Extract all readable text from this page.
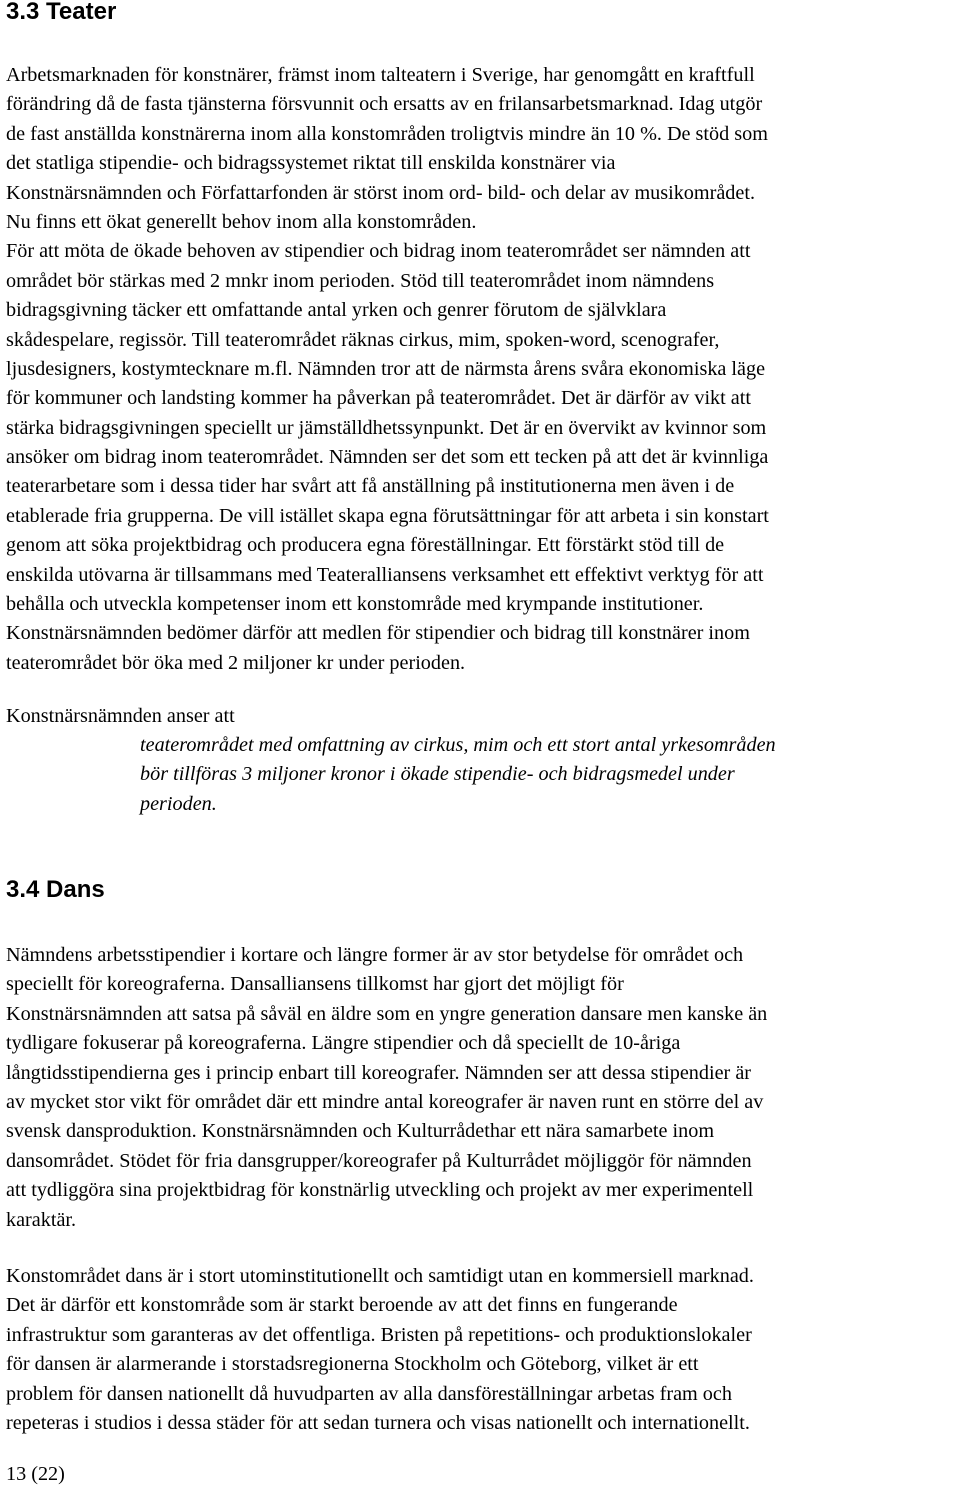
3.3 Teater
Arbetsmarknaden för konstnärer, främst inom talteatern i Sverige, har genomgått en kraftfull
förändring då de fasta tjänsterna försvunnit och ersatts av en frilansarbetsmarknad. Idag utgör
de fast anställda konstnärerna inom alla konstområden troligtvis mindre än 10 %. De stöd som
det statliga stipendie- och bidragssystemet riktat till enskilda konstnärer via
Konstnärsnämnden och Författarfonden är störst inom ord- bild- och delar av musikområdet.
Nu finns ett ökat generellt behov inom alla konstområden.
För att möta de ökade behoven av stipendier och bidrag inom teaterområdet ser nämnden att
området bör stärkas med 2 mnkr inom perioden. Stöd till teaterområdet inom nämndens
bidragsgivning täcker ett omfattande antal yrken och genrer förutom de självklara
skådespelare, regissör. Till teaterområdet räknas cirkus, mim, spoken-word, scenografer,
ljusdesigners, kostymtecknare m.fl. Nämnden tror att de närmsta årens svåra ekonomiska läge
för kommuner och landsting kommer ha påverkan på teaterområdet. Det är därför av vikt att
stärka bidragsgivningen speciellt ur jämställdhetssynpunkt. Det är en övervikt av kvinnor som
ansöker om bidrag inom teaterområdet. Nämnden ser det som ett tecken på att det är kvinnliga
teaterarbetare som i dessa tider har svårt att få anställning på institutionerna men även i de
etablerade fria grupperna. De vill istället skapa egna förutsättningar för att arbeta i sin konstart
genom att söka projektbidrag och producera egna föreställningar. Ett förstärkt stöd till de
enskilda utövarna är tillsammans med Teateralliansens verksamhet ett effektivt verktyg för att
behålla och utveckla kompetenser inom ett konstområde med krympande institutioner.
Konstnärsnämnden bedömer därför att medlen för stipendier och bidrag till konstnärer inom
teaterområdet bör öka med 2 miljoner kr under perioden.

Konstnärsnämnden anser att

teaterområdet med omfattning av cirkus, mim och ett stort antal yrkesområden
bör tillföras 3 miljoner kronor i ökade stipendie- och bidragsmedel under
perioden.
3.4 Dans
Nämndens arbetsstipendier i kortare och längre former är av stor betydelse för området och
speciellt för koreograferna. Dansalliansens tillkomst har gjort det möjligt för
Konstnärsnämnden att satsa på såväl en äldre som en yngre generation dansare men kanske än
tydligare fokuserar på koreograferna. Längre stipendier och då speciellt de 10-åriga
långtidsstipendierna ges i princip enbart till koreografer. Nämnden ser att dessa stipendier är
av mycket stor vikt för området där ett mindre antal koreografer är naven runt en större del av
svensk dansproduktion. Konstnärsnämnden och Kulturrådethar ett nära samarbete inom
dansområdet. Stödet för fria dansgrupper/koreografer på Kulturrådet möjliggör för nämnden
att tydliggöra sina projektbidrag för konstnärlig utveckling och projekt av mer experimentell
karaktär.
Konstområdet dans är i stort utominstitutionellt och samtidigt utan en kommersiell marknad.
Det är därför ett konstområde som är starkt beroende av att det finns en fungerande
infrastruktur som garanteras av det offentliga. Bristen på repetitions- och produktionslokaler
för dansen är alarmerande i storstadsregionerna Stockholm och Göteborg, vilket är ett
problem för dansen nationellt då huvudparten av alla dansföreställningar arbetas fram och
repeteras i studios i dessa städer för att sedan turnera och visas nationellt och internationellt.

13 (22)
